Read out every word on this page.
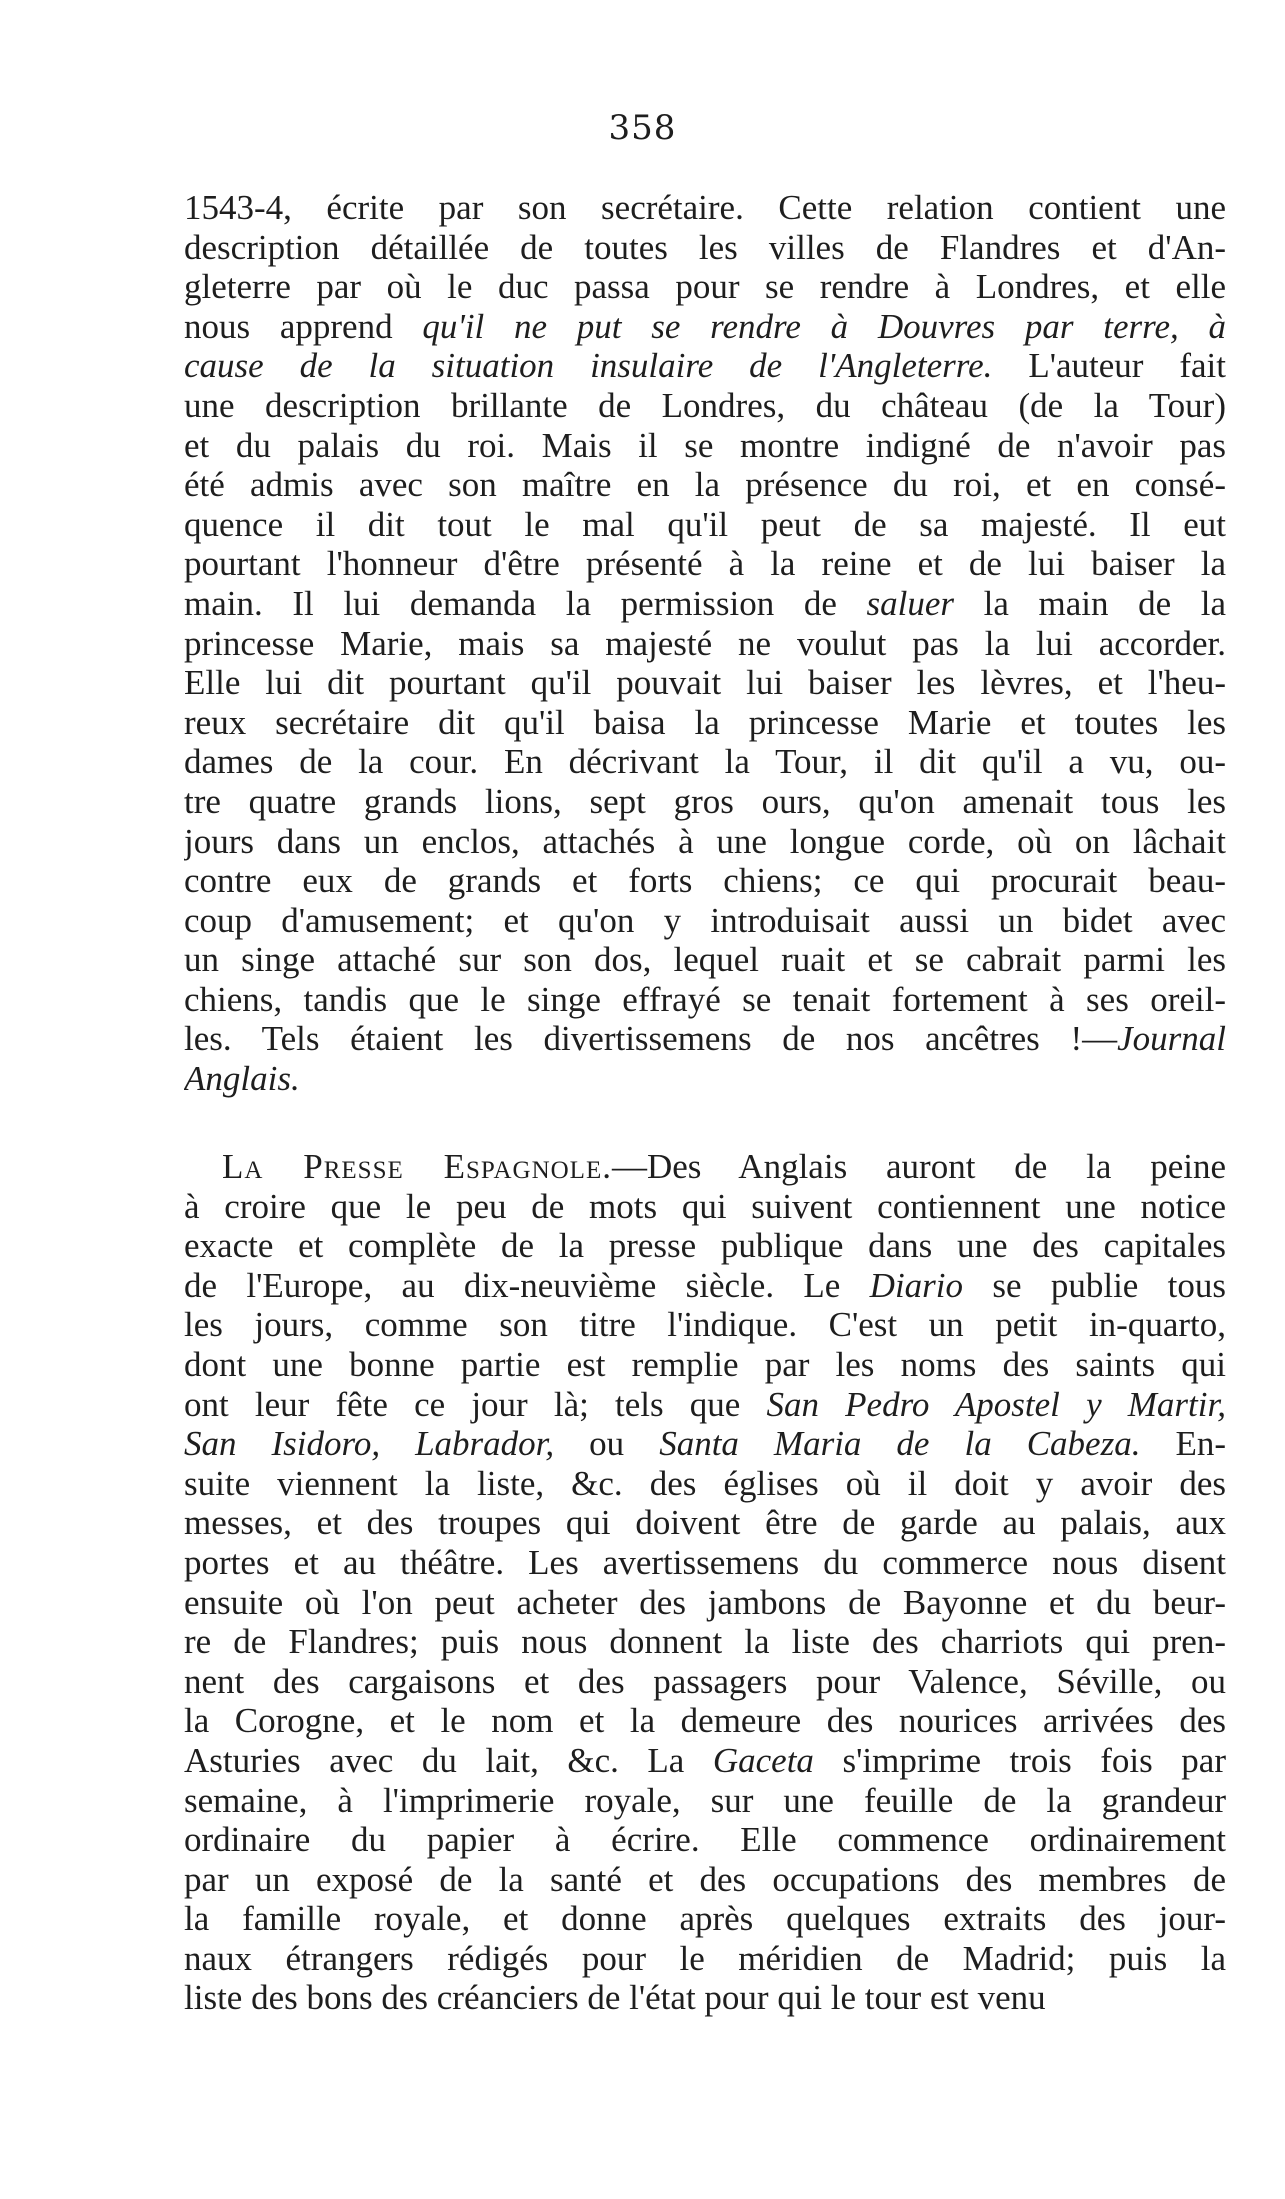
358
1543-4, écrite par son secrétaire. Cette relation contient une
description détaillée de toutes les villes de Flandres et d'An-
gleterre par où le duc passa pour se rendre à Londres, et elle
nous apprend qu'il ne put se rendre à Douvres par terre, à
cause de la situation insulaire de l'Angleterre. L'auteur fait
une description brillante de Londres, du château (de la Tour)
et du palais du roi. Mais il se montre indigné de n'avoir pas
été admis avec son maître en la présence du roi, et en consé-
quence il dit tout le mal qu'il peut de sa majesté. Il eut
pourtant l'honneur d'être présenté à la reine et de lui baiser la
main. Il lui demanda la permission de saluer la main de la
princesse Marie, mais sa majesté ne voulut pas la lui accorder.
Elle lui dit pourtant qu'il pouvait lui baiser les lèvres, et l'heu-
reux secrétaire dit qu'il baisa la princesse Marie et toutes les
dames de la cour. En décrivant la Tour, il dit qu'il a vu, ou-
tre quatre grands lions, sept gros ours, qu'on amenait tous les
jours dans un enclos, attachés à une longue corde, où on lâchait
contre eux de grands et forts chiens; ce qui procurait beau-
coup d'amusement; et qu'on y introduisait aussi un bidet avec
un singe attaché sur son dos, lequel ruait et se cabrait parmi les
chiens, tandis que le singe effrayé se tenait fortement à ses oreil-
les. Tels étaient les divertissemens de nos ancêtres !—Journal
Anglais.
La Presse Espagnole.—Des Anglais auront de la peine
à croire que le peu de mots qui suivent contiennent une notice
exacte et complète de la presse publique dans une des capitales
de l'Europe, au dix-neuvième siècle. Le Diario se publie tous
les jours, comme son titre l'indique. C'est un petit in-quarto,
dont une bonne partie est remplie par les noms des saints qui
ont leur fête ce jour là; tels que San Pedro Apostel y Martir,
San Isidoro, Labrador, ou Santa Maria de la Cabeza. En-
suite viennent la liste, &c. des églises où il doit y avoir des
messes, et des troupes qui doivent être de garde au palais, aux
portes et au théâtre. Les avertissemens du commerce nous disent
ensuite où l'on peut acheter des jambons de Bayonne et du beur-
re de Flandres; puis nous donnent la liste des charriots qui pren-
nent des cargaisons et des passagers pour Valence, Séville, ou
la Corogne, et le nom et la demeure des nourices arrivées des
Asturies avec du lait, &c. La Gaceta s'imprime trois fois par
semaine, à l'imprimerie royale, sur une feuille de la grandeur
ordinaire du papier à écrire. Elle commence ordinairement
par un exposé de la santé et des occupations des membres de
la famille royale, et donne après quelques extraits des jour-
naux étrangers rédigés pour le méridien de Madrid; puis la
liste des bons des créanciers de l'état pour qui le tour est venu
